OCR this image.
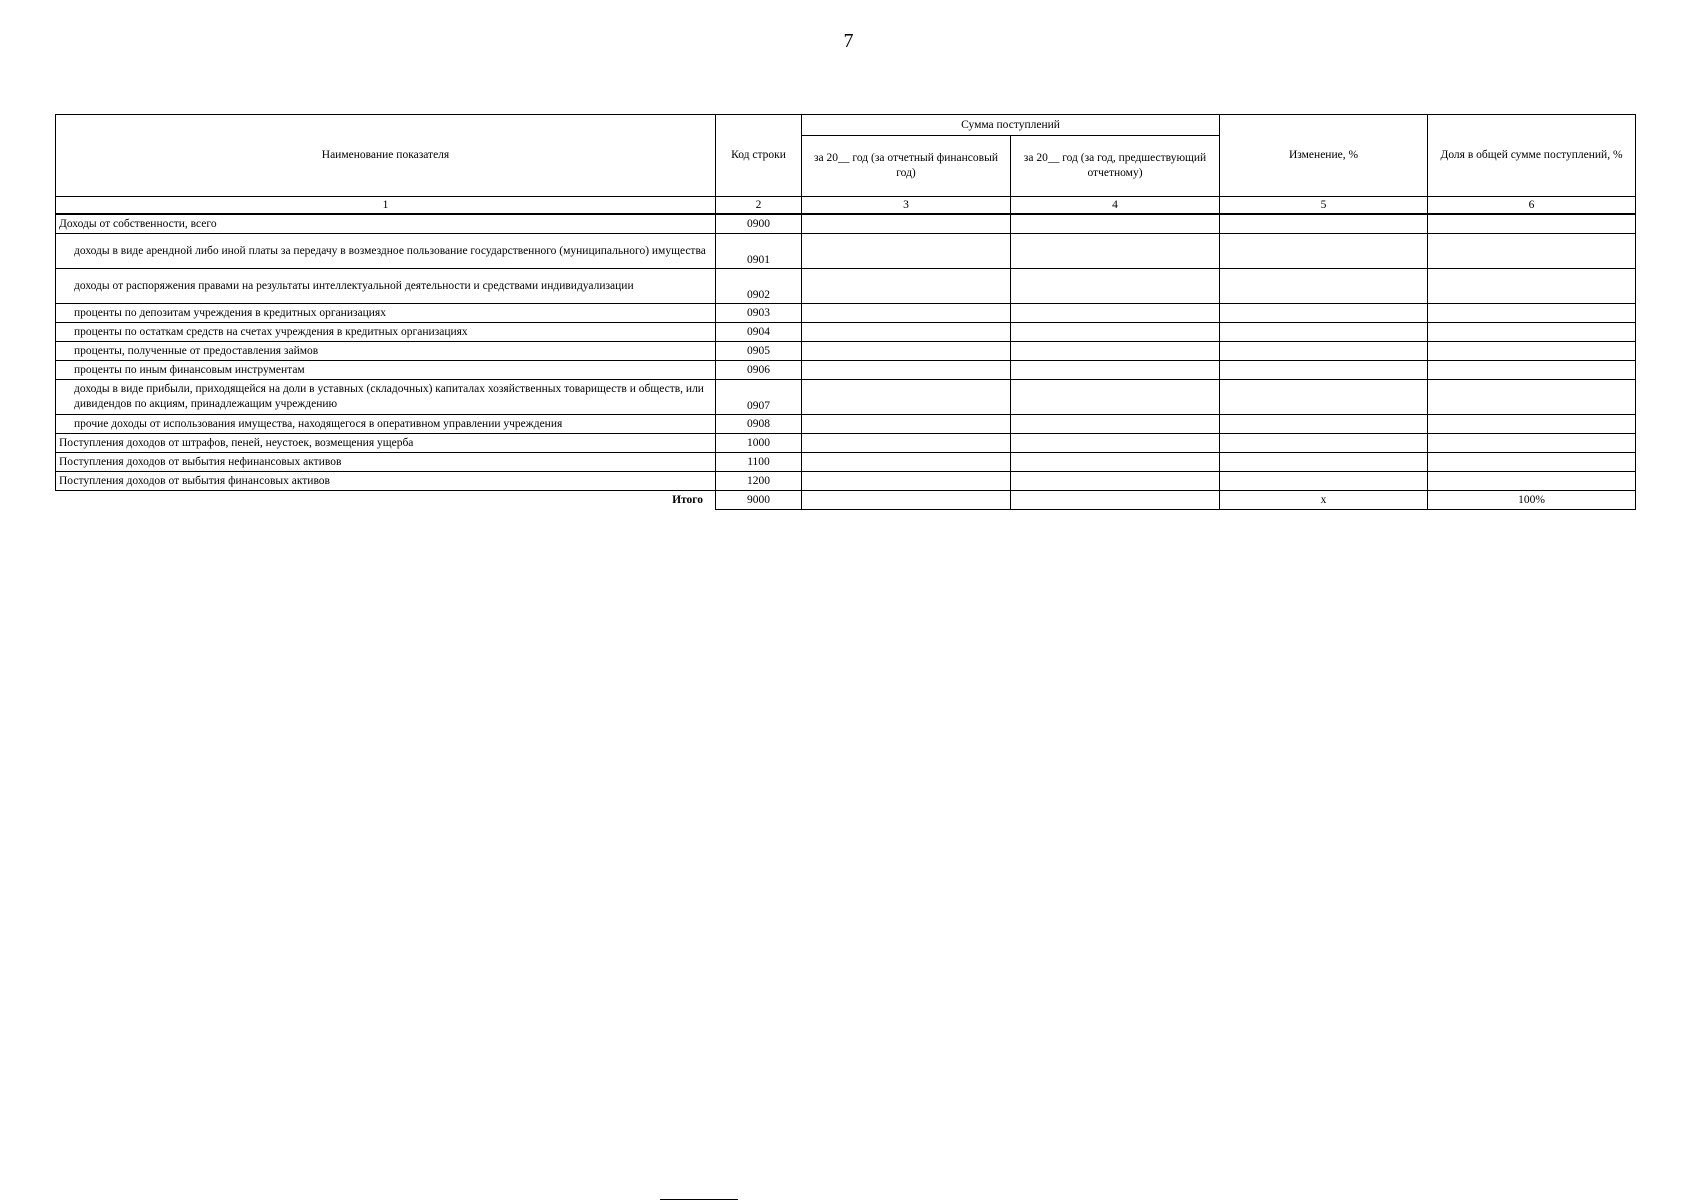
7
Наименование показателя	Код строки	Сумма поступлений		Изменение, %	Доля в общей сумме поступлений, %
		за 20__ год (за отчетный финансовый год)	за 20__ год (за год, предшествующий отчетному)		
1	2	3	4	5	6
Доходы от собственности, всего	0900				
доходы в виде арендной либо иной платы за передачу в возмездное пользование государственного (муниципального) имущества	0901				
доходы от распоряжения правами на результаты интеллектуальной деятельности и средствами индивидуализации	0902				
проценты по депозитам учреждения в кредитных организациях	0903				
проценты по остаткам средств на счетах учреждения в кредитных организациях	0904				
проценты, полученные от предоставления займов	0905				
проценты по иным финансовым инструментам	0906				
доходы в виде прибыли, приходящейся на доли в уставных (складочных) капиталах хозяйственных товариществ и обществ, или дивидендов по акциям, принадлежащим учреждению	0907				
прочие доходы от использования имущества, находящегося в оперативном управлении учреждения	0908				
Поступления доходов от штрафов, пеней, неустоек, возмещения ущерба	1000				
Поступления доходов от выбытия нефинансовых активов	1100				
Поступления доходов от выбытия финансовых активов	1200				
Итого	9000			x	100%
